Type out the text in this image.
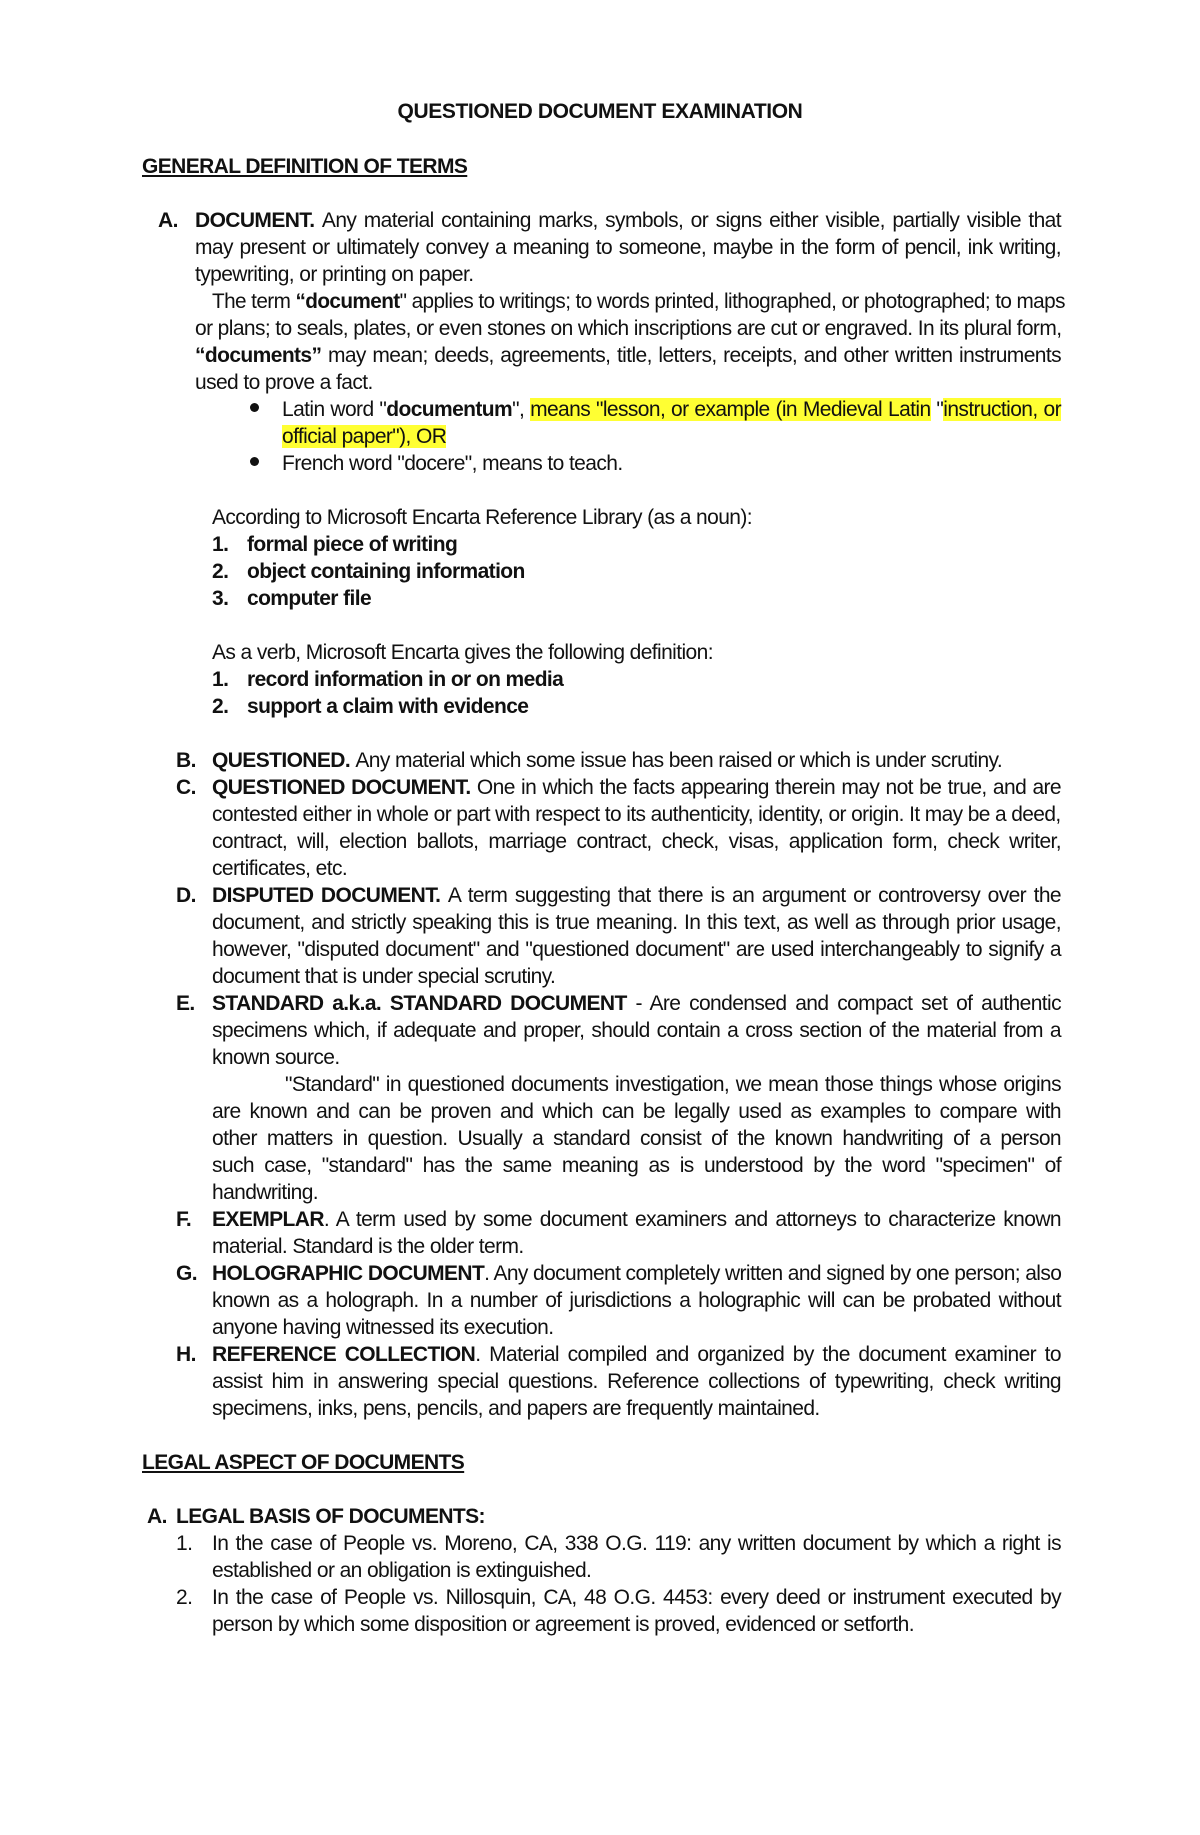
QUESTIONED DOCUMENT EXAMINATION
GENERAL DEFINITION OF TERMS
A. DOCUMENT. Any material containing marks, symbols, or signs either visible, partially visible that
may present or ultimately convey a meaning to someone, maybe in the form of pencil, ink writing,
typewriting, or printing on paper.
The term “document" applies to writings; to words printed, lithographed, or photographed; to maps
or plans; to seals, plates, or even stones on which inscriptions are cut or engraved. In its plural form,
“documents” may mean; deeds, agreements, title, letters, receipts, and other written instruments
used to prove a fact.
Latin word "documentum", means "lesson, or example (in Medieval Latin "instruction, or
official paper"), OR
French word "docere", means to teach.
According to Microsoft Encarta Reference Library (as a noun):
1. formal piece of writing
2. object containing information
3. computer file
As a verb, Microsoft Encarta gives the following definition:
1. record information in or on media
2. support a claim with evidence
B. QUESTIONED. Any material which some issue has been raised or which is under scrutiny.
C. QUESTIONED DOCUMENT. One in which the facts appearing therein may not be true, and are
contested either in whole or part with respect to its authenticity, identity, or origin. It may be a deed,
contract, will, election ballots, marriage contract, check, visas, application form, check writer,
certificates, etc.
D. DISPUTED DOCUMENT. A term suggesting that there is an argument or controversy over the
document, and strictly speaking this is true meaning. In this text, as well as through prior usage,
however, "disputed document" and "questioned document" are used interchangeably to signify a
document that is under special scrutiny.
E. STANDARD a.k.a. STANDARD DOCUMENT - Are condensed and compact set of authentic
specimens which, if adequate and proper, should contain a cross section of the material from a
known source.
"Standard" in questioned documents investigation, we mean those things whose origins
are known and can be proven and which can be legally used as examples to compare with
other matters in question. Usually a standard consist of the known handwriting of a person
such case, "standard" has the same meaning as is understood by the word "specimen" of
handwriting.
F. EXEMPLAR. A term used by some document examiners and attorneys to characterize known
material. Standard is the older term.
G. HOLOGRAPHIC DOCUMENT. Any document completely written and signed by one person; also
known as a holograph. In a number of jurisdictions a holographic will can be probated without
anyone having witnessed its execution.
H. REFERENCE COLLECTION. Material compiled and organized by the document examiner to
assist him in answering special questions. Reference collections of typewriting, check writing
specimens, inks, pens, pencils, and papers are frequently maintained.
LEGAL ASPECT OF DOCUMENTS
A. LEGAL BASIS OF DOCUMENTS:
1. In the case of People vs. Moreno, CA, 338 O.G. 119: any written document by which a right is
established or an obligation is extinguished.
2. In the case of People vs. Nillosquin, CA, 48 O.G. 4453: every deed or instrument executed by
person by which some disposition or agreement is proved, evidenced or setforth.
